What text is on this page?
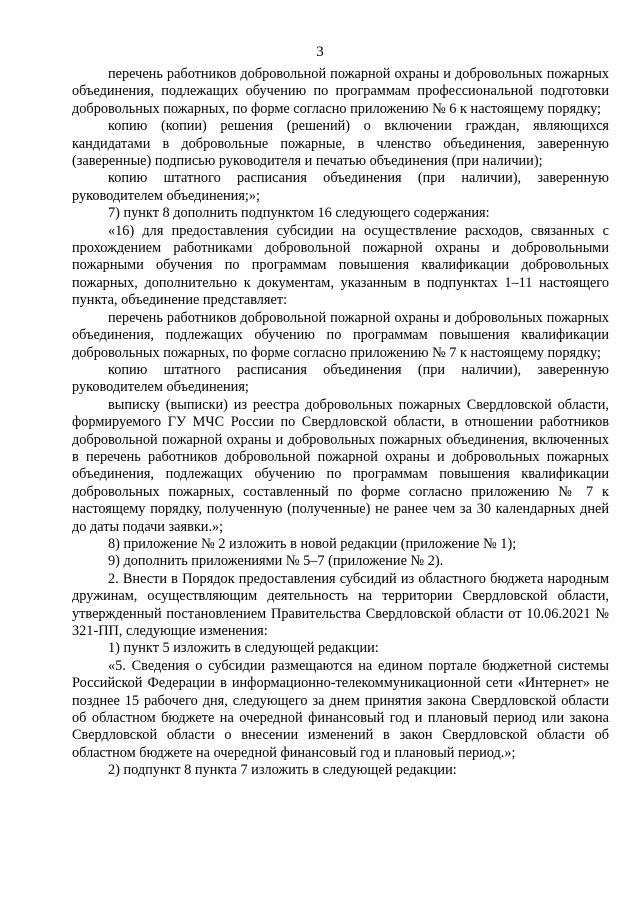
3

перечень работников добровольной пожарной охраны и добровольных пожарных объединения, подлежащих обучению по программам профессиональной подготовки добровольных пожарных, по форме согласно приложению № 6 к настоящему порядку;

копию (копии) решения (решений) о включении граждан, являющихся кандидатами в добровольные пожарные, в членство объединения, заверенную (заверенные) подписью руководителя и печатью объединения (при наличии);

копию штатного расписания объединения (при наличии), заверенную руководителем объединения;»;

7) пункт 8 дополнить подпунктом 16 следующего содержания:

«16) для предоставления субсидии на осуществление расходов, связанных с прохождением работниками добровольной пожарной охраны и добровольными пожарными обучения по программам повышения квалификации добровольных пожарных, дополнительно к документам, указанным в подпунктах 1–11 настоящего пункта, объединение представляет:

перечень работников добровольной пожарной охраны и добровольных пожарных объединения, подлежащих обучению по программам повышения квалификации добровольных пожарных, по форме согласно приложению № 7 к настоящему порядку;

копию штатного расписания объединения (при наличии), заверенную руководителем объединения;

выписку (выписки) из реестра добровольных пожарных Свердловской области, формируемого ГУ МЧС России по Свердловской области, в отношении работников добровольной пожарной охраны и добровольных пожарных объединения, включенных в перечень работников добровольной пожарной охраны и добровольных пожарных объединения, подлежащих обучению по программам повышения квалификации добровольных пожарных, составленный по форме согласно приложению № 7 к настоящему порядку, полученную (полученные) не ранее чем за 30 календарных дней до даты подачи заявки.»;

8) приложение № 2 изложить в новой редакции (приложение № 1);

9) дополнить приложениями № 5–7 (приложение № 2).

2. Внести в Порядок предоставления субсидий из областного бюджета народным дружинам, осуществляющим деятельность на территории Свердловской области, утвержденный постановлением Правительства Свердловской области от 10.06.2021 № 321-ПП, следующие изменения:

1) пункт 5 изложить в следующей редакции:

«5. Сведения о субсидии размещаются на едином портале бюджетной системы Российской Федерации в информационно-телекоммуникационной сети «Интернет» не позднее 15 рабочего дня, следующего за днем принятия закона Свердловской области об областном бюджете на очередной финансовый год и плановый период или закона Свердловской области о внесении изменений в закон Свердловской области об областном бюджете на очередной финансовый год и плановый период.»;

2) подпункт 8 пункта 7 изложить в следующей редакции:
